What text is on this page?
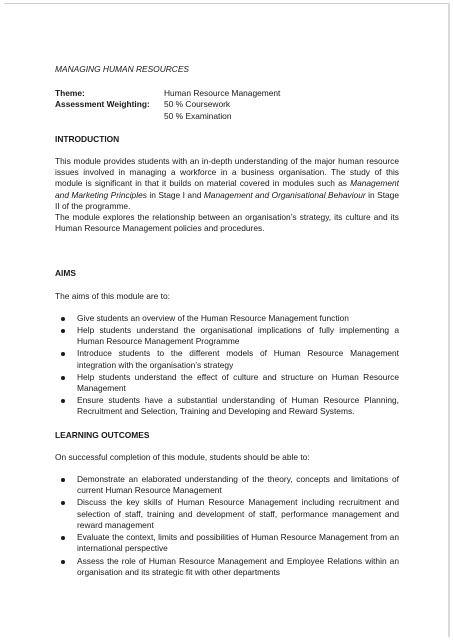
MANAGING HUMAN RESOURCES
Theme:	Human Resource Management
Assessment Weighting:	50 % Coursework
50 % Examination
INTRODUCTION

This module provides students with an in-depth understanding of the major human resource issues involved in managing a workforce in a business organisation. The study of this module is significant in that it builds on material covered in modules such as Management and Marketing Principles in Stage I and Management and Organisational Behaviour in Stage II of the programme.

The module explores the relationship between an organisation’s strategy, its culture and its Human Resource Management policies and procedures.

AIMS
The aims of this module are to:
Give students an overview of the Human Resource Management function
Help students understand the organisational implications of fully implementing a Human Resource Management Programme
Introduce students to the different models of Human Resource Management integration with the organisation’s strategy
Help students understand the effect of culture and structure on Human Resource Management
Ensure students have a substantial understanding of Human Resource Planning, Recruitment and Selection, Training and Developing and Reward Systems.
LEARNING OUTCOMES
On successful completion of this module, students should be able to:
Demonstrate an elaborated understanding of the theory, concepts and limitations of current Human Resource Management
Discuss the key skills of Human Resource Management including recruitment and selection of staff, training and development of staff, performance management and reward management
Evaluate the context, limits and possibilities of Human Resource Management from an international perspective
Assess the role of Human Resource Management and Employee Relations within an organisation and its strategic fit with other departments
